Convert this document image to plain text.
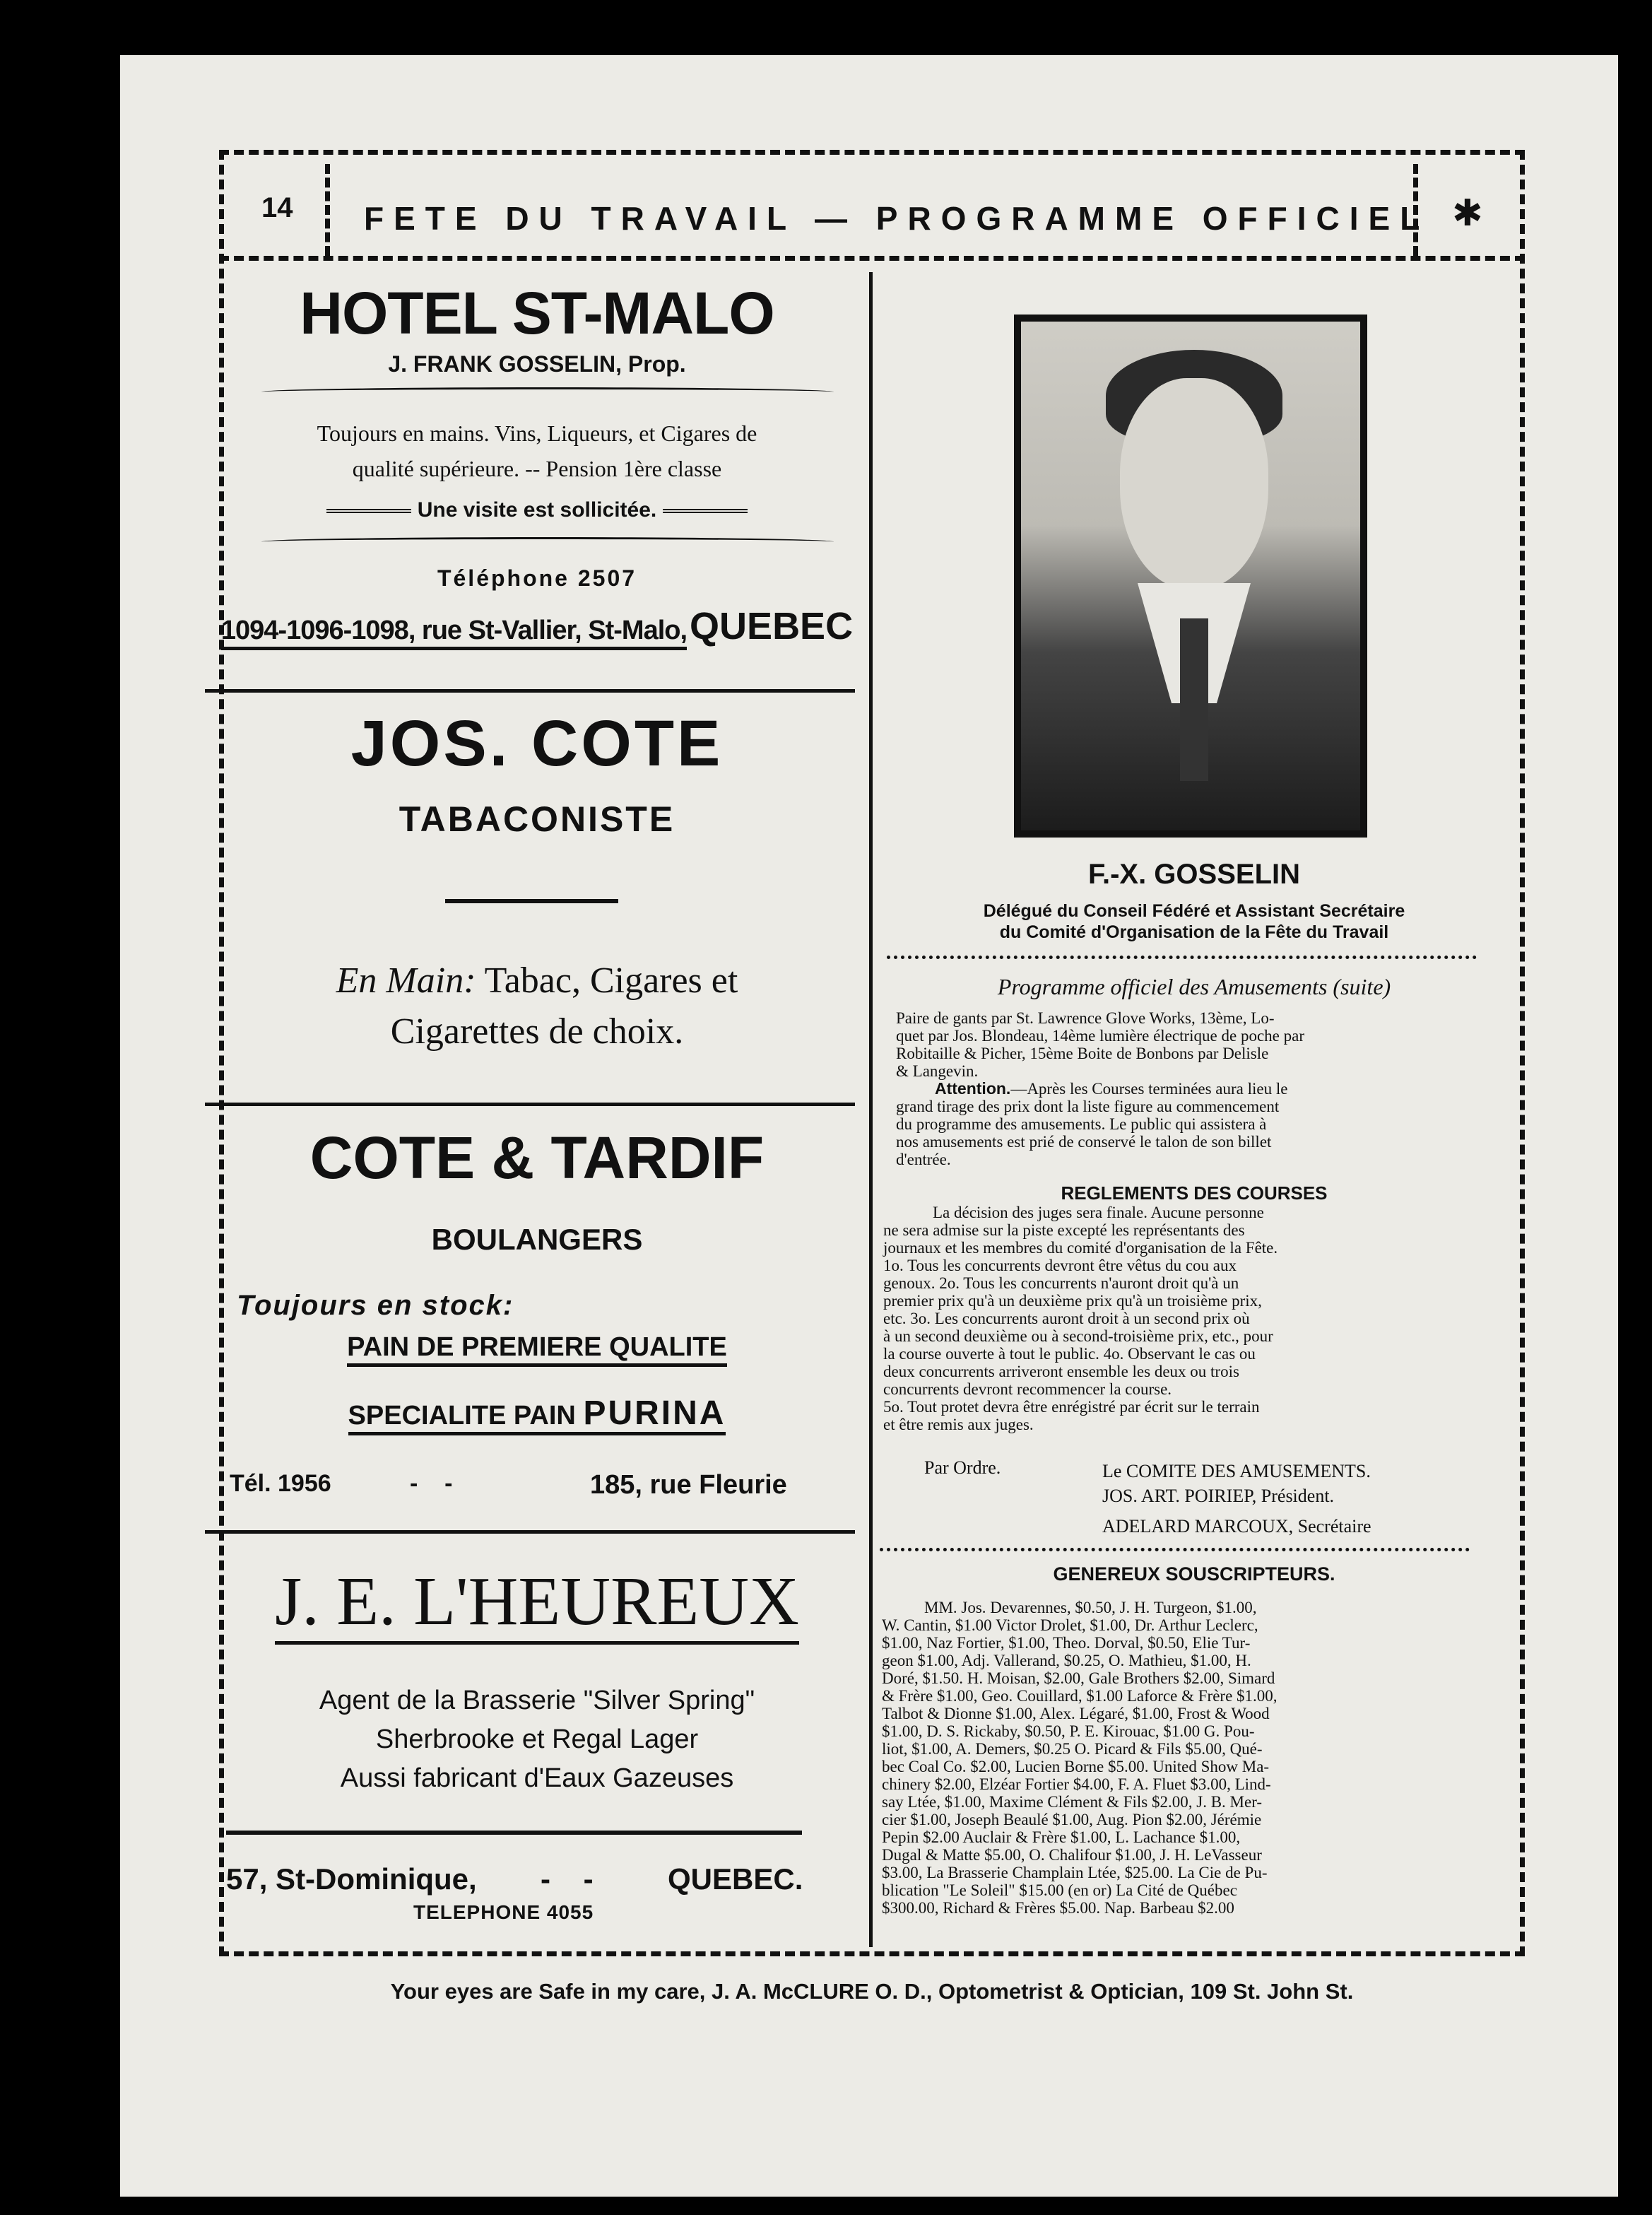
14 FETE DU TRAVAIL — PROGRAMME OFFICIEL ✱
HOTEL ST-MALO
J. FRANK GOSSELIN, Prop.
Toujours en mains. Vins, Liqueurs, et Cigares de
qualité supérieure. -- Pension 1ère classe
Une visite est sollicitée.
Téléphone 2507
1094-1096-1098, rue St-Vallier, St-Malo, QUEBEC
JOS. COTE
TABACONISTE
En Main: Tabac, Cigares et
Cigarettes de choix.
COTE & TARDIF
BOULANGERS
Toujours en stock:
PAIN DE PREMIERE QUALITE
SPECIALITE PAIN PURINA
Tél. 1956	-    -	185, rue Fleurie
J. E. L'HEUREUX
Agent de la Brasserie "Silver Spring"
Sherbrooke et Regal Lager
Aussi fabricant d'Eaux Gazeuses
57, St-Dominique, -    -	QUEBEC.
TELEPHONE 4055
F.-X. GOSSELIN
Délégué du Conseil Fédéré et Assistant Secrétaire
du Comité d'Organisation de la Fête du Travail
Programme officiel des Amusements (suite)
Paire de gants par St. Lawrence Glove Works, 13ème, Lo-
quet par Jos. Blondeau, 14ème lumière électrique de poche par
Robitaille & Picher, 15ème Boite de Bonbons par Delisle
& Langevin.
Attention.—Après les Courses terminées aura lieu le
grand tirage des prix dont la liste figure au commencement
du programme des amusements. Le public qui assistera à
nos amusements est prié de conservé le talon de son billet
d'entrée.
REGLEMENTS DES COURSES
La décision des juges sera finale. Aucune personne
ne sera admise sur la piste excepté les représentants des
journaux et les membres du comité d'organisation de la Fête.
1o. Tous les concurrents devront être vêtus du cou aux
genoux. 2o. Tous les concurrents n'auront droit qu'à un
premier prix qu'à un deuxième prix qu'à un troisième prix,
etc. 3o. Les concurrents auront droit à un second prix où
à un second deuxième ou à second-troisième prix, etc., pour
la course ouverte à tout le public. 4o. Observant le cas ou
deux concurrents arriveront ensemble les deux ou trois
concurrents devront recommencer la course.
5o. Tout protet devra être enrégistré par écrit sur le terrain
et être remis aux juges.
Par Ordre.	Le COMITE DES AMUSEMENTS.
JOS. ART. POIRIEP, Président.
ADELARD MARCOUX, Secrétaire
GENEREUX SOUSCRIPTEURS.
MM. Jos. Devarennes, $0.50, J. H. Turgeon, $1.00,
W. Cantin, $1.00 Victor Drolet, $1.00, Dr. Arthur Leclerc,
$1.00, Naz Fortier, $1.00, Theo. Dorval, $0.50, Elie Tur-
geon $1.00, Adj. Vallerand, $0.25, O. Mathieu, $1.00, H.
Doré, $1.50. H. Moisan, $2.00, Gale Brothers $2.00, Simard
& Frère $1.00, Geo. Couillard, $1.00 Laforce & Frère $1.00,
Talbot & Dionne $1.00, Alex. Légaré, $1.00, Frost & Wood
$1.00, D. S. Rickaby, $0.50, P. E. Kirouac, $1.00 G. Pou-
liot, $1.00, A. Demers, $0.25 O. Picard & Fils $5.00, Qué-
bec Coal Co. $2.00, Lucien Borne $5.00. United Show Ma-
chinery $2.00, Elzéar Fortier $4.00, F. A. Fluet $3.00, Lind-
say Ltée, $1.00, Maxime Clément & Fils $2.00, J. B. Mer-
cier $1.00, Joseph Beaulé $1.00, Aug. Pion $2.00, Jérémie
Pepin $2.00 Auclair & Frère $1.00, L. Lachance $1.00,
Dugal & Matte $5.00, O. Chalifour $1.00, J. H. LeVasseur
$3.00, La Brasserie Champlain Ltée, $25.00. La Cie de Pu-
blication "Le Soleil" $15.00 (en or) La Cité de Québec
$300.00, Richard & Frères $5.00. Nap. Barbeau $2.00
Your eyes are Safe in my care, J. A. McCLURE O. D., Optometrist & Optician, 109 St. John St.
